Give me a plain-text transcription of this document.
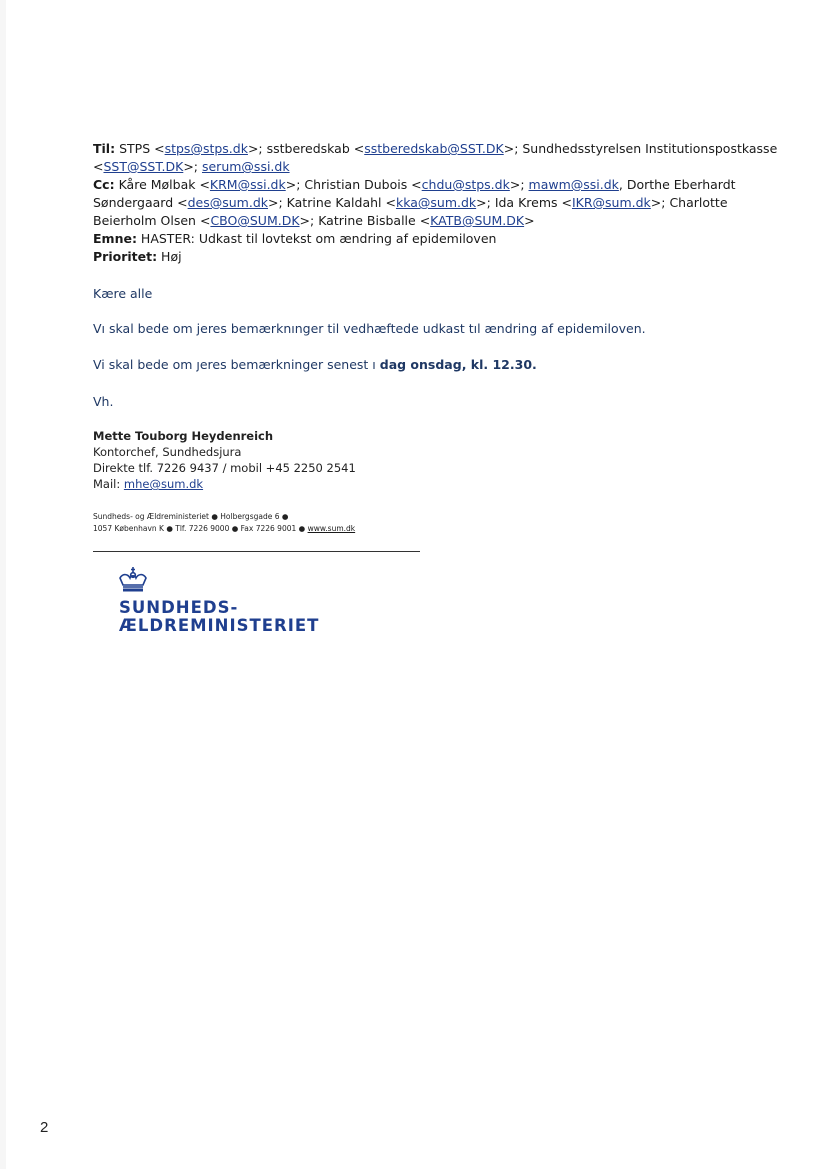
Til: STPS <stps@stps.dk>; sstberedskab <sstberedskab@SST.DK>; Sundhedsstyrelsen Institutionspostkasse
<SST@SST.DK>; serum@ssi.dk
Cc: Kåre Mølbak <KRM@ssi.dk>; Christian Dubois <chdu@stps.dk>; mawm@ssi.dk, Dorthe Eberhardt
Søndergaard <des@sum.dk>; Katrine Kaldahl <kka@sum.dk>; Ida Krems <IKR@sum.dk>; Charlotte
Beierholm Olsen <CBO@SUM.DK>; Katrine Bisballe <KATB@SUM.DK>
Emne: HASTER: Udkast til lovtekst om ændring af epidemiloven
Prioritet: Høj
Kære alle
Vı skal bede om jeres bemærknınger til vedhæftede udkast tıl ændring af epidemiloven.
Vi skal bede om ȷeres bemærkninger senest ı dag onsdag, kl. 12.30.
Vh.
Mette Touborg Heydenreich
Kontorchef, Sundhedsjura
Direkte tlf. 7226 9437 / mobil +45 2250 2541
Mail: mhe@sum.dk
Sundheds- og Ældreministeriet ● Holbergsgade 6 ●
1057 København K ● Tlf. 7226 9000 ● Fax 7226 9001 ● www.sum.dk
SUNDHEDS-
ÆLDREMINISTERIET
2
